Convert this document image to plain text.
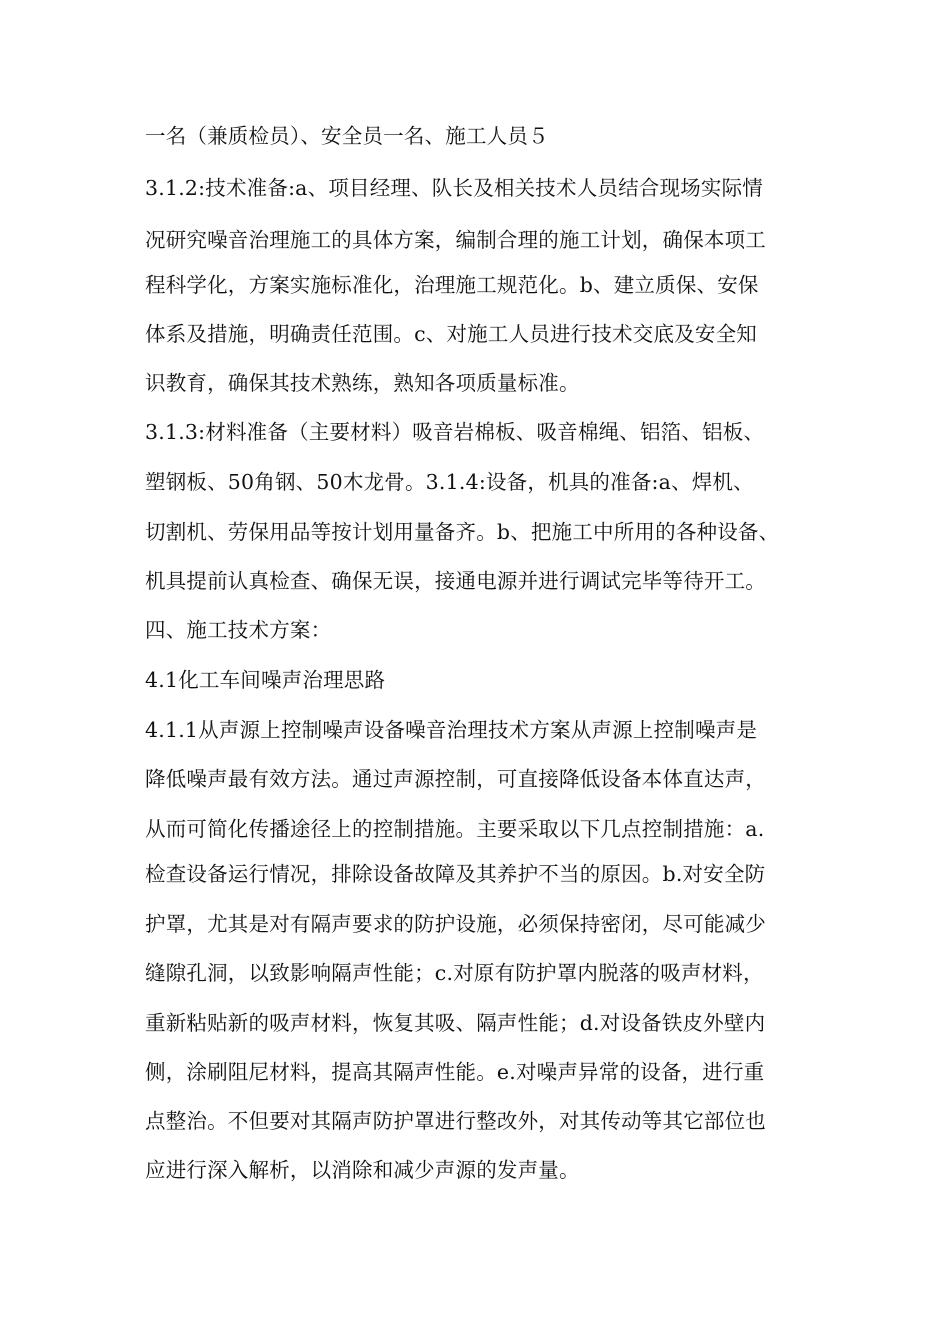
一名（兼质检员）、安全员一名、施工人员５
3.1.2:技术准备:a、项目经理、队长及相关技术人员结合现场实际情
况研究噪音治理施工的具体方案，编制合理的施工计划，确保本项工
程科学化，方案实施标准化，治理施工规范化。b、建立质保、安保
体系及措施，明确责任范围。c、对施工人员进行技术交底及安全知
识教育，确保其技术熟练，熟知各项质量标准。
3.1.3:材料准备（主要材料）吸音岩棉板、吸音棉绳、铝箔、铝板、
塑钢板、50角钢、50木龙骨。3.1.4:设备，机具的准备:a、焊机、
切割机、劳保用品等按计划用量备齐。b、把施工中所用的各种设备、
机具提前认真检查、确保无误，接通电源并进行调试完毕等待开工。
四、施工技术方案：
4.1化工车间噪声治理思路
4.1.1从声源上控制噪声设备噪音治理技术方案从声源上控制噪声是
降低噪声最有效方法。通过声源控制，可直接降低设备本体直达声，
从而可简化传播途径上的控制措施。主要采取以下几点控制措施：a.
检查设备运行情况，排除设备故障及其养护不当的原因。b.对安全防
护罩，尤其是对有隔声要求的防护设施，必须保持密闭，尽可能减少
缝隙孔洞，以致影响隔声性能；c.对原有防护罩内脱落的吸声材料，
重新粘贴新的吸声材料，恢复其吸、隔声性能；d.对设备铁皮外壁内
侧，涂刷阻尼材料，提高其隔声性能。e.对噪声异常的设备，进行重
点整治。不但要对其隔声防护罩进行整改外，对其传动等其它部位也
应进行深入解析，以消除和减少声源的发声量。
